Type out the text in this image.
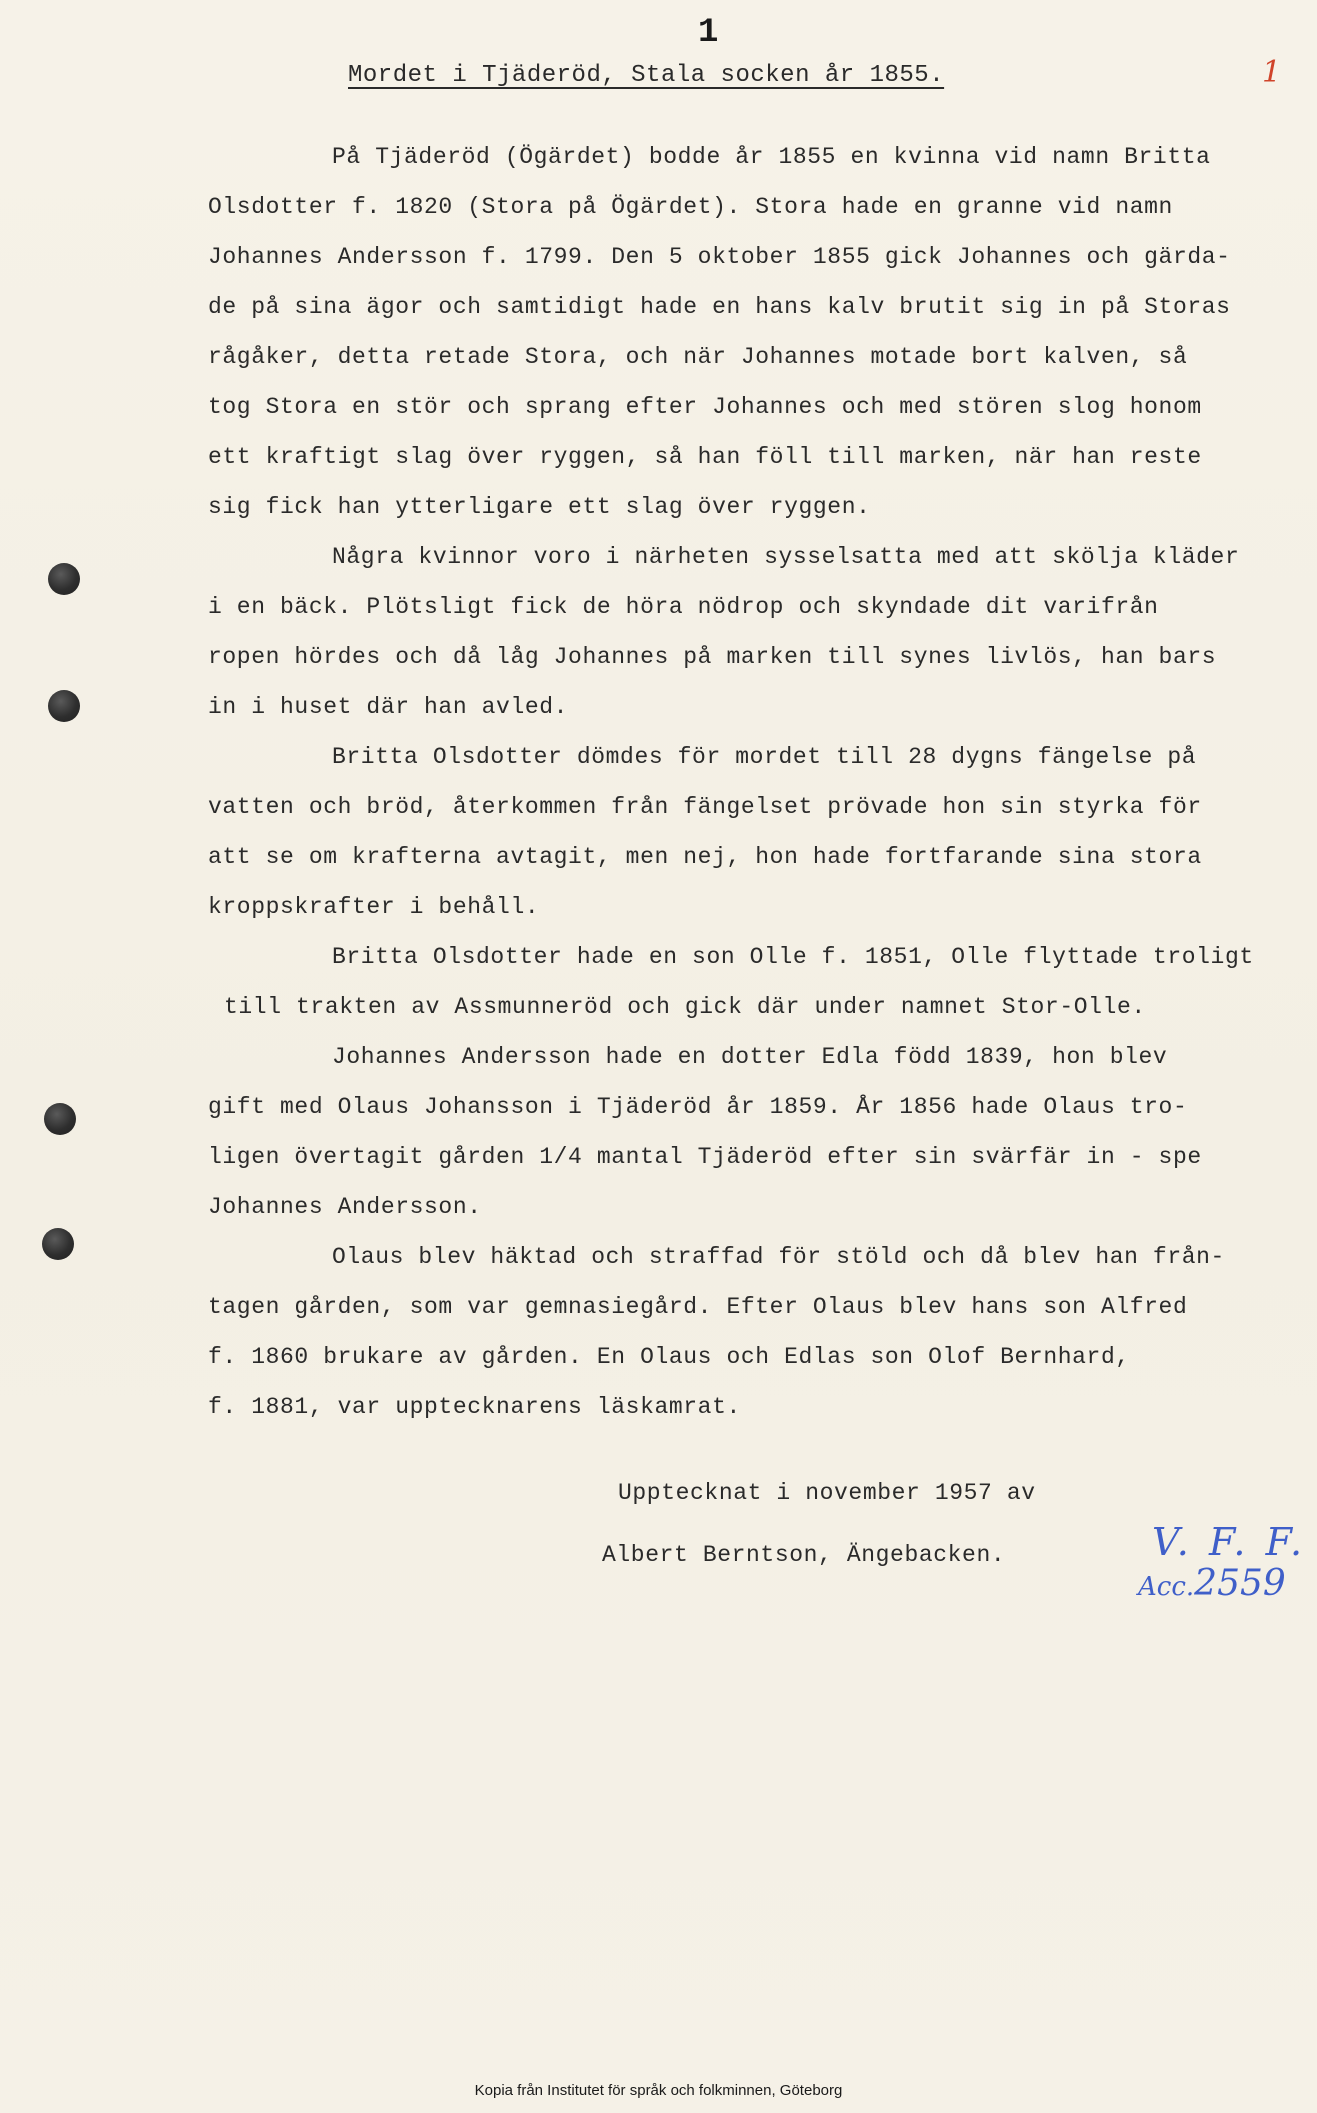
1
Mordet i Tjäderöd, Stala socken år 1855.	1
På Tjäderöd (Ögärdet) bodde år 1855 en kvinna vid namn Britta
Olsdotter f. 1820 (Stora på Ögärdet). Stora hade en granne vid namn
Johannes Andersson f. 1799. Den 5 oktober 1855 gick Johannes och gärda-
de på sina ägor och samtidigt hade en hans kalv brutit sig in på Storas
rågåker, detta retade Stora, och när Johannes motade bort kalven, så
tog Stora en stör och sprang efter Johannes och med stören slog honom
ett kraftigt slag över ryggen, så han föll till marken, när han reste
sig fick han ytterligare ett slag över ryggen.
Några kvinnor voro i närheten sysselsatta med att skölja kläder
i en bäck. Plötsligt fick de höra nödrop och skyndade dit varifrån
ropen hördes och då låg Johannes på marken till synes livlös, han bars
in i huset där han avled.
Britta Olsdotter dömdes för mordet till 28 dygns fängelse på
vatten och bröd, återkommen från fängelset prövade hon sin styrka för
att se om krafterna avtagit, men nej, hon hade fortfarande sina stora
kroppskrafter i behåll.
Britta Olsdotter hade en son Olle f. 1851, Olle flyttade troligt
till trakten av Assmunneröd och gick där under namnet Stor-Olle.
Johannes Andersson hade en dotter Edla född 1839, hon blev
gift med Olaus Johansson i Tjäderöd år 1859. År 1856 hade Olaus tro-
ligen övertagit gården 1/4 mantal Tjäderöd efter sin svärfär in - spe
Johannes Andersson.
Olaus blev häktad och straffad för stöld och då blev han från-
tagen gården, som var gemnasiegård. Efter Olaus blev hans son Alfred
f. 1860 brukare av gården. En Olaus och Edlas son Olof Bernhard,
f. 1881, var upptecknarens läskamrat.
Upptecknat i november 1957 av
Albert Berntson, Ängebacken.	V. F. F.
Acc.2559
Kopia från Institutet för språk och folkminnen, Göteborg
